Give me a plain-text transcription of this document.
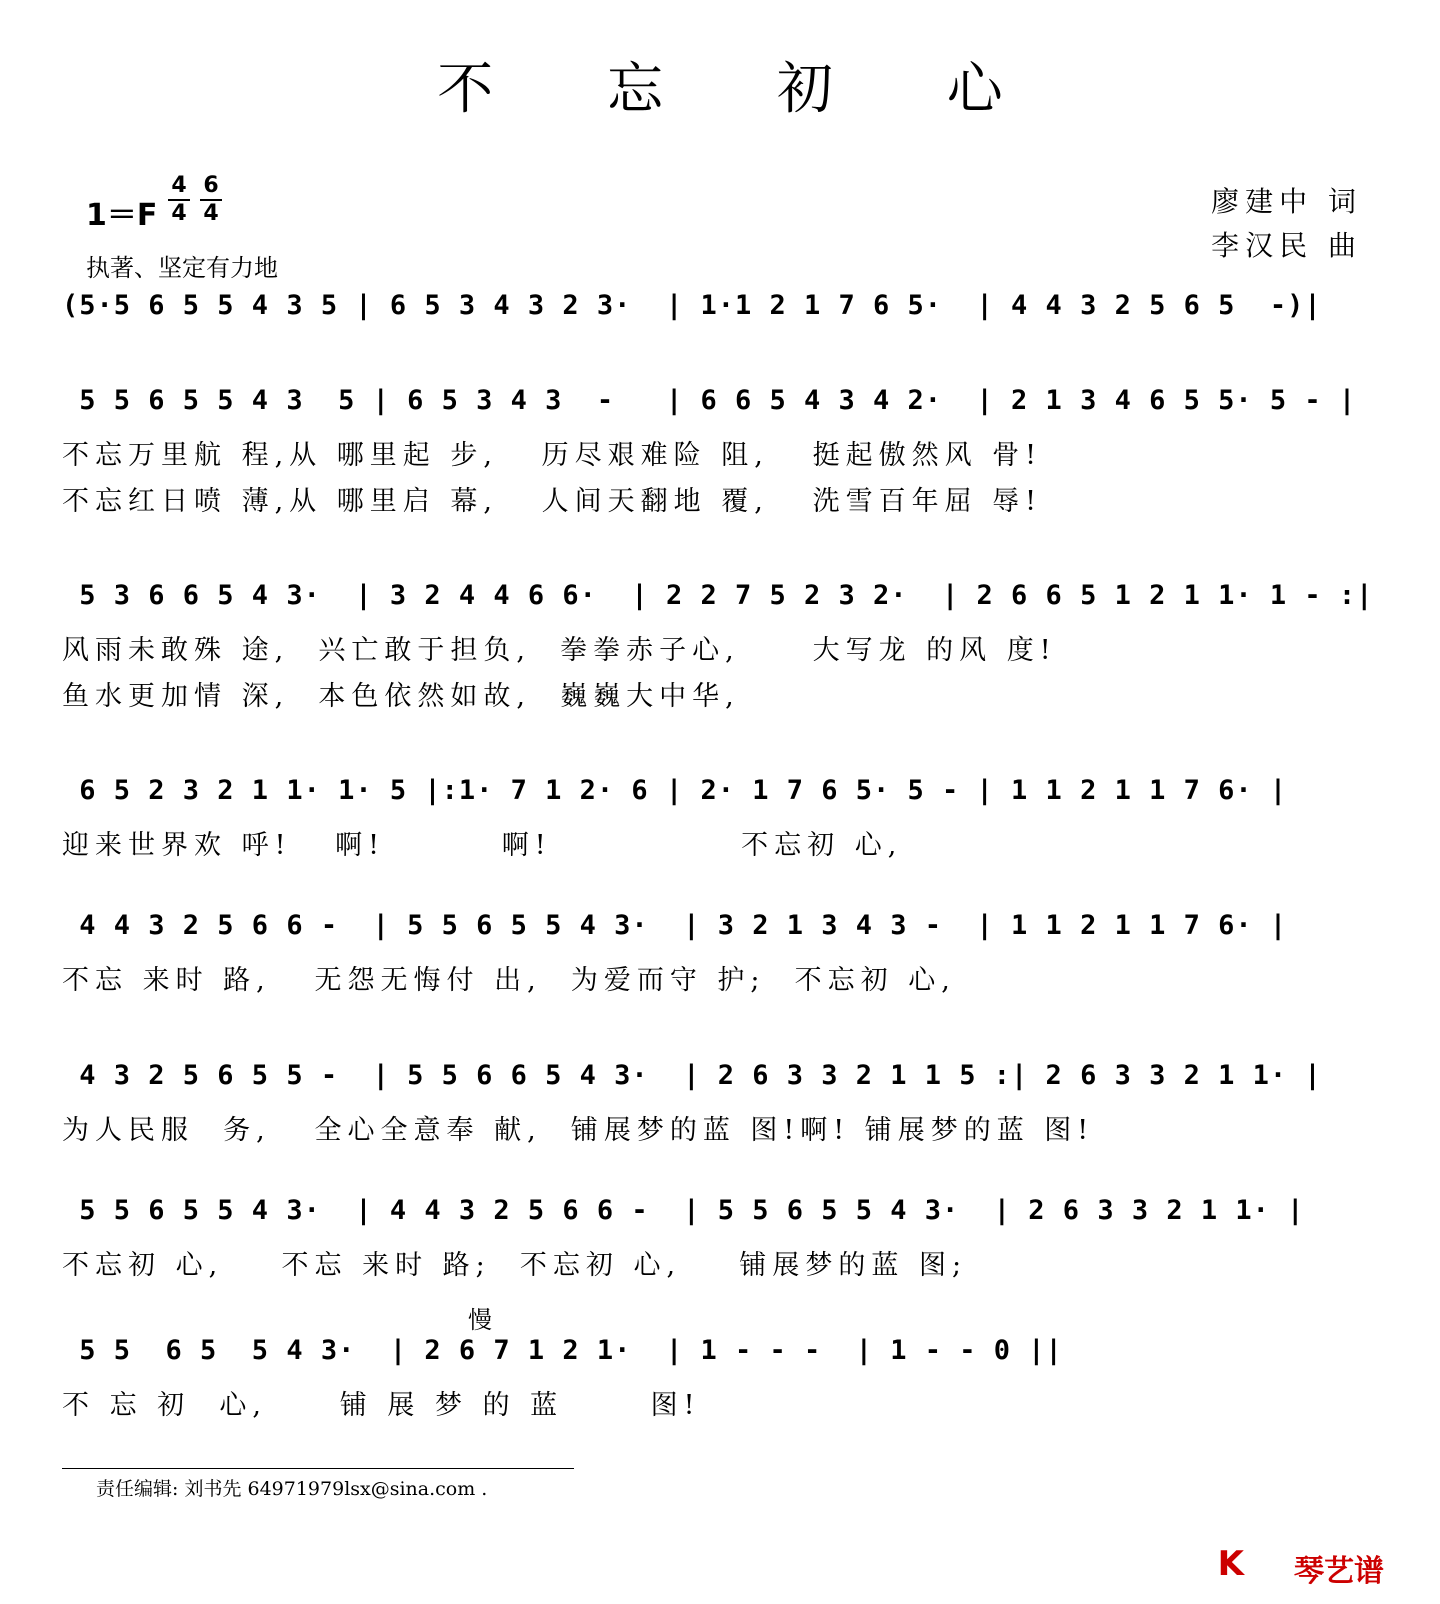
不 忘 初 心
$1=F \frac{4}{4} \frac{6}{4}$
执著、坚定有力地
廖建中 词
李汉民 曲
慢
(5·5 6 5 5 4 3 5 | 6 5 3 4 3 2 3·  | 1·1 2 1 7 6 5·  | 4 4 3 2 5 6 5  -)|
5 5 6 5 5 4 3  5 | 6 5 3 4 3  -   | 6 6 5 4 3 4 2·  | 2 1 3 4 6 5 5· 5 - |
不忘万里航 程,从 哪里起 步,   历尽艰难险 阻,   挺起傲然风 骨!
不忘红日喷 薄,从 哪里启 幕,   人间天翻地 覆,   洗雪百年屈 辱!
5 3 6 6 5 4 3·  | 3 2 4 4 6 6·  | 2 2 7 5 2 3 2·  | 2 6 6 5 1 2 1 1· 1 - :|
风雨未敢殊 途,  兴亡敢于担负,  拳拳赤子心,     大写龙 的风 度!
鱼水更加情 深,  本色依然如故,  巍巍大中华,
6 5 2 3 2 1 1· 1· 5 |:1· 7 1 2· 6 | 2· 1 7 6 5· 5 - | 1 1 2 1 1 7 6· |
迎来世界欢 呼!   啊!        啊!             不忘初 心,
4 4 3 2 5 6 6 -  | 5 5 6 5 5 4 3·  | 3 2 1 3 4 3 -  | 1 1 2 1 1 7 6· |
不忘 来时 路,   无怨无悔付 出,  为爱而守 护;  不忘初 心,
4 3 2 5 6 5 5 -  | 5 5 6 6 5 4 3·  | 2 6 3 3 2 1 1 5 :| 2 6 3 3 2 1 1· |
为人民服  务,   全心全意奉 献,  铺展梦的蓝 图!啊! 铺展梦的蓝 图!
5 5 6 5 5 4 3·  | 4 4 3 2 5 6 6 -  | 5 5 6 5 5 4 3·  | 2 6 3 3 2 1 1· |
不忘初 心,    不忘 来时 路;  不忘初 心,    铺展梦的蓝 图;
5 5  6 5  5 4 3·  | 2 6 7 1 2 1·  | 1 - - -  | 1 - - 0 ||
不 忘 初  心,     铺 展 梦 的 蓝      图!
责任编辑: 刘书先 64971979lsx@sina.com .
K 琴艺谱
